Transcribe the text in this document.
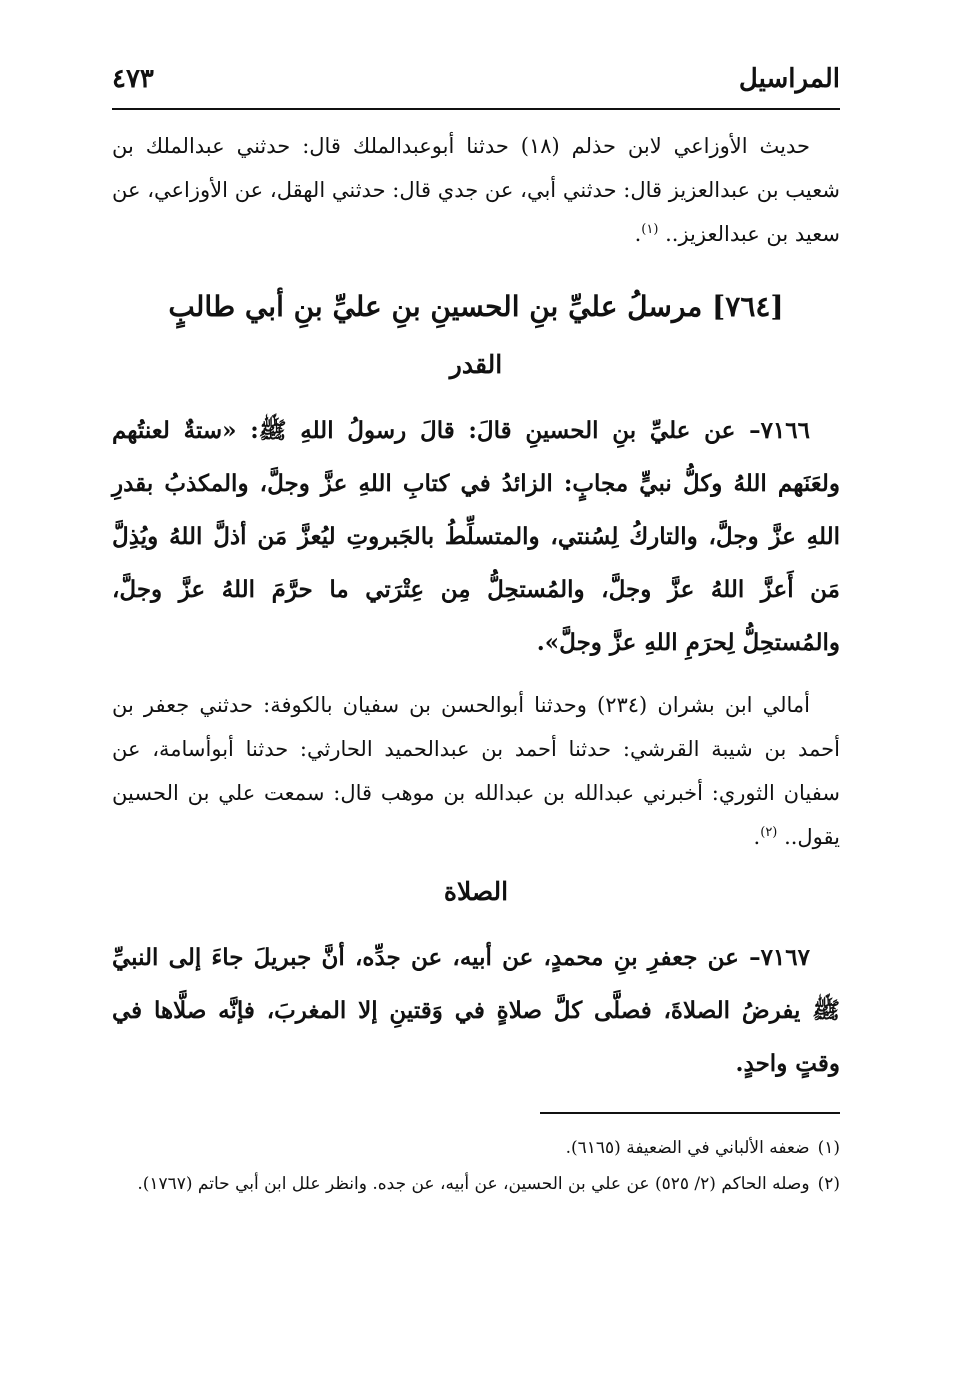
المراسيل
٤٧٣

حديث الأوزاعي لابن حذلم (١٨) حدثنا أبوعبدالملك قال: حدثني عبدالملك بن شعيب بن عبدالعزيز قال: حدثني أبي، عن جدي قال: حدثني الهقل، عن الأوزاعي، عن سعيد بن عبدالعزيز.. $^{(١)}$.

[٧٦٤] مرسلُ عليِّ بنِ الحسينِ بنِ عليِّ بنِ أبي طالبٍ
القدر

٧١٦٦– عن عليِّ بنِ الحسينِ قالَ: قالَ رسولُ اللهِ ﷺ: «ستةٌ لعنتُهم ولعَنَهم اللهُ وكلُّ نبيٍّ مجابٍ: الزائدُ في كتابِ اللهِ عزَّ وجلَّ، والمكذبُ بقدرِ اللهِ عزَّ وجلَّ، والتاركُ لِسُنتي، والمتسلِّطُ بالجَبروتِ ليُعزَّ مَن أذلَّ اللهُ ويُذِلَّ مَن أَعزَّ اللهُ عزَّ وجلَّ، والمُستحِلُّ مِن عِتْرَتي ما حرَّمَ اللهُ عزَّ وجلَّ، والمُستحِلُّ لِحرَمِ اللهِ عزَّ وجلَّ».

أمالي ابن بشران (٢٣٤) وحدثنا أبوالحسن بن سفيان بالكوفة: حدثني جعفر بن أحمد بن شيبة القرشي: حدثنا أحمد بن عبدالحميد الحارثي: حدثنا أبوأسامة، عن سفيان الثوري: أخبرني عبدالله بن عبدالله بن موهب قال: سمعت علي بن الحسين يقول.. $^{(٢)}$.

الصلاة

٧١٦٧– عن جعفرِ بنِ محمدٍ، عن أبيه، عن جدِّه، أنَّ جبريلَ جاءَ إلى النبيِّ ﷺ يفرضُ الصلاةَ، فصلَّى كلَّ صلاةٍ في وَقتينِ إلا المغربَ، فإنَّه صلَّاها في وقتٍ واحدٍ.

(١)
ضعفه الألباني في الضعيفة (٦١٦٥).
(٢)
وصله الحاكم (٢/ ٥٢٥) عن علي بن الحسين، عن أبيه، عن جده. وانظر علل ابن أبي حاتم (١٧٦٧).
